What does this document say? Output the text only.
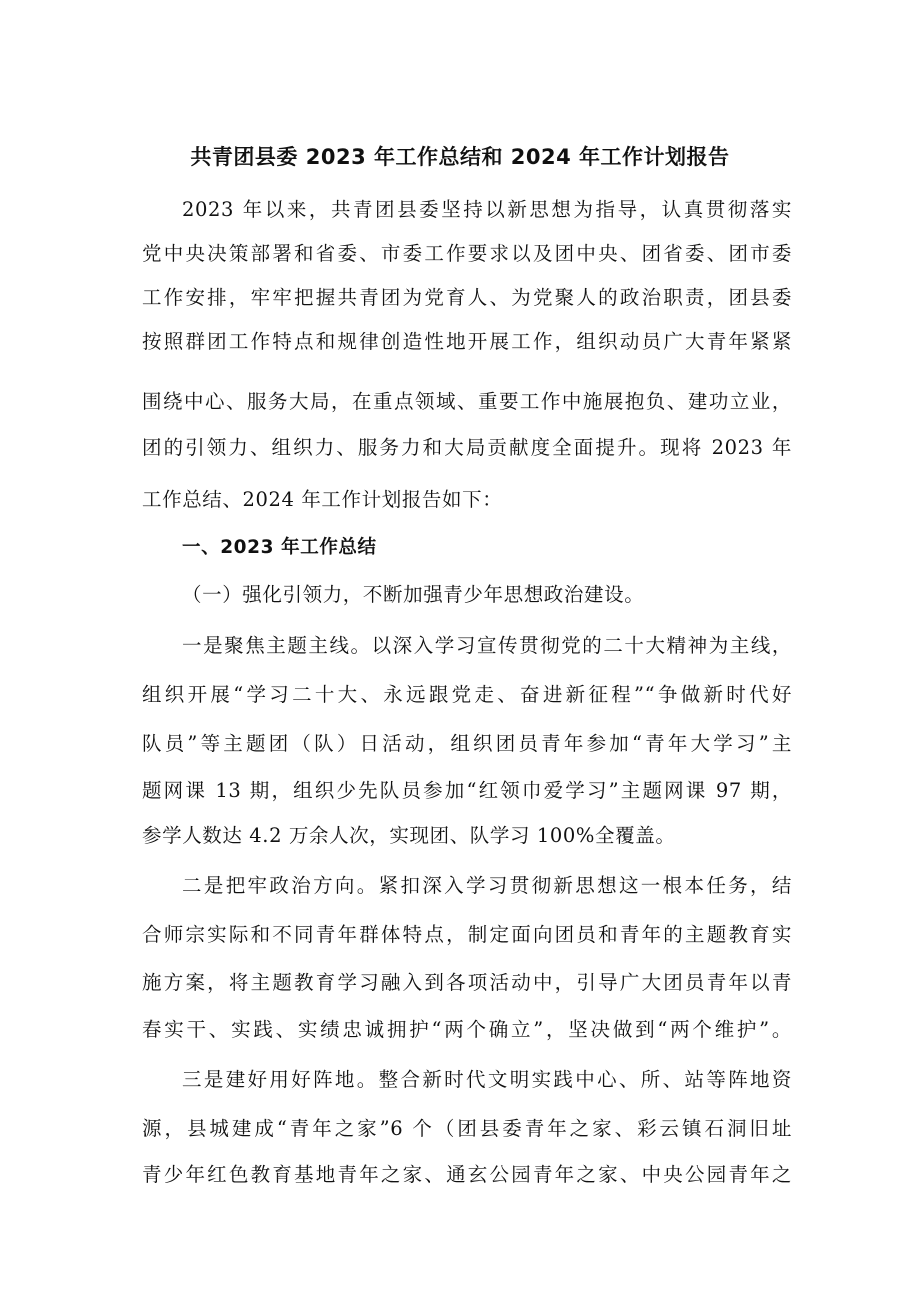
共青团县委 2023 年工作总结和 2024 年工作计划报告
2023 年以来，共青团县委坚持以新思想为指导，认真贯彻落实
党中央决策部署和省委、市委工作要求以及团中央、团省委、团市委
工作安排，牢牢把握共青团为党育人、为党聚人的政治职责，团县委
按照群团工作特点和规律创造性地开展工作，组织动员广大青年紧紧
围绕中心、服务大局，在重点领域、重要工作中施展抱负、建功立业，
团的引领力、组织力、服务力和大局贡献度全面提升。现将 2023 年
工作总结、2024 年工作计划报告如下：
一、2023 年工作总结
（一）强化引领力，不断加强青少年思想政治建设。
一是聚焦主题主线。以深入学习宣传贯彻党的二十大精神为主线，
组织开展“学习二十大、永远跟党走、奋进新征程”“争做新时代好
队员”等主题团（队）日活动，组织团员青年参加“青年大学习”主
题网课 13 期，组织少先队员参加“红领巾爱学习”主题网课 97 期，
参学人数达 4.2 万余人次，实现团、队学习 100%全覆盖。
二是把牢政治方向。紧扣深入学习贯彻新思想这一根本任务，结
合师宗实际和不同青年群体特点，制定面向团员和青年的主题教育实
施方案，将主题教育学习融入到各项活动中，引导广大团员青年以青
春实干、实践、实绩忠诚拥护“两个确立”，坚决做到“两个维护”。
三是建好用好阵地。整合新时代文明实践中心、所、站等阵地资
源，县城建成“青年之家”6 个（团县委青年之家、彩云镇石洞旧址
青少年红色教育基地青年之家、通玄公园青年之家、中央公园青年之
